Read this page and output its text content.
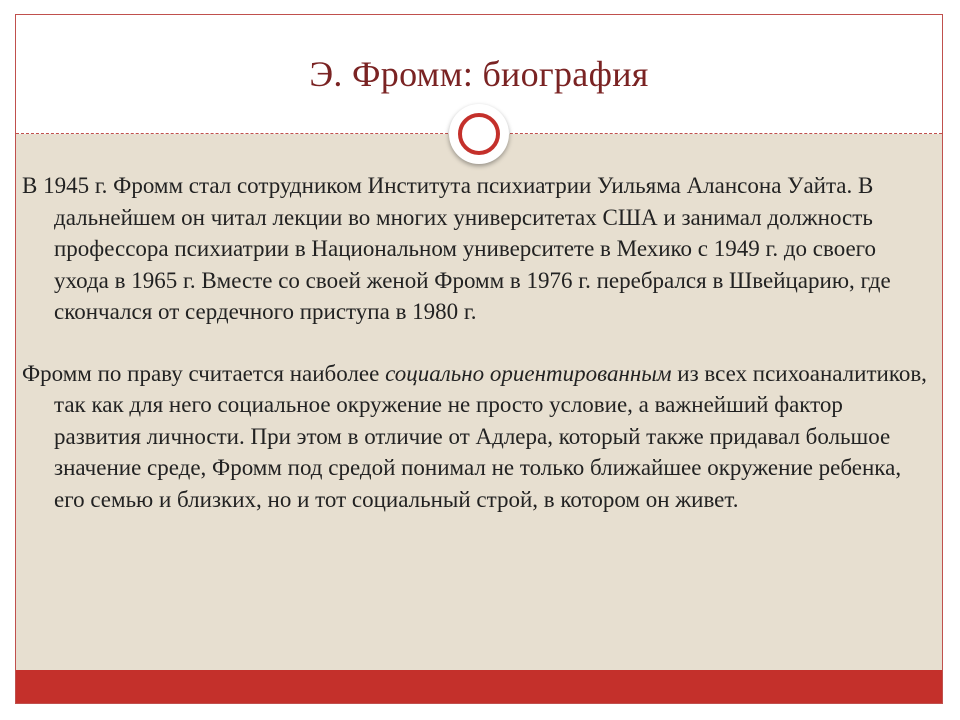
Э. Фромм: биография

В 1945 г. Фромм стал сотрудником Института психиатрии Уильяма Алансона Уайта. В дальнейшем он читал лекции во многих университетах США и занимал должность профессора психиатрии в Национальном университете в Мехико с 1949 г. до своего ухода в 1965 г. Вместе со своей женой Фромм в 1976 г. перебрался в Швейцарию, где скончался от сердечного приступа в 1980 г.

Фромм по праву считается наиболее социально ориентированным из всех психоаналитиков, так как для него социальное окружение не просто условие, а важнейший фактор развития личности. При этом в отличие от Адлера, который также придавал большое значение среде, Фромм под средой понимал не только ближайшее окружение ребенка, его семью и близких, но и тот социальный строй, в котором он живет.
